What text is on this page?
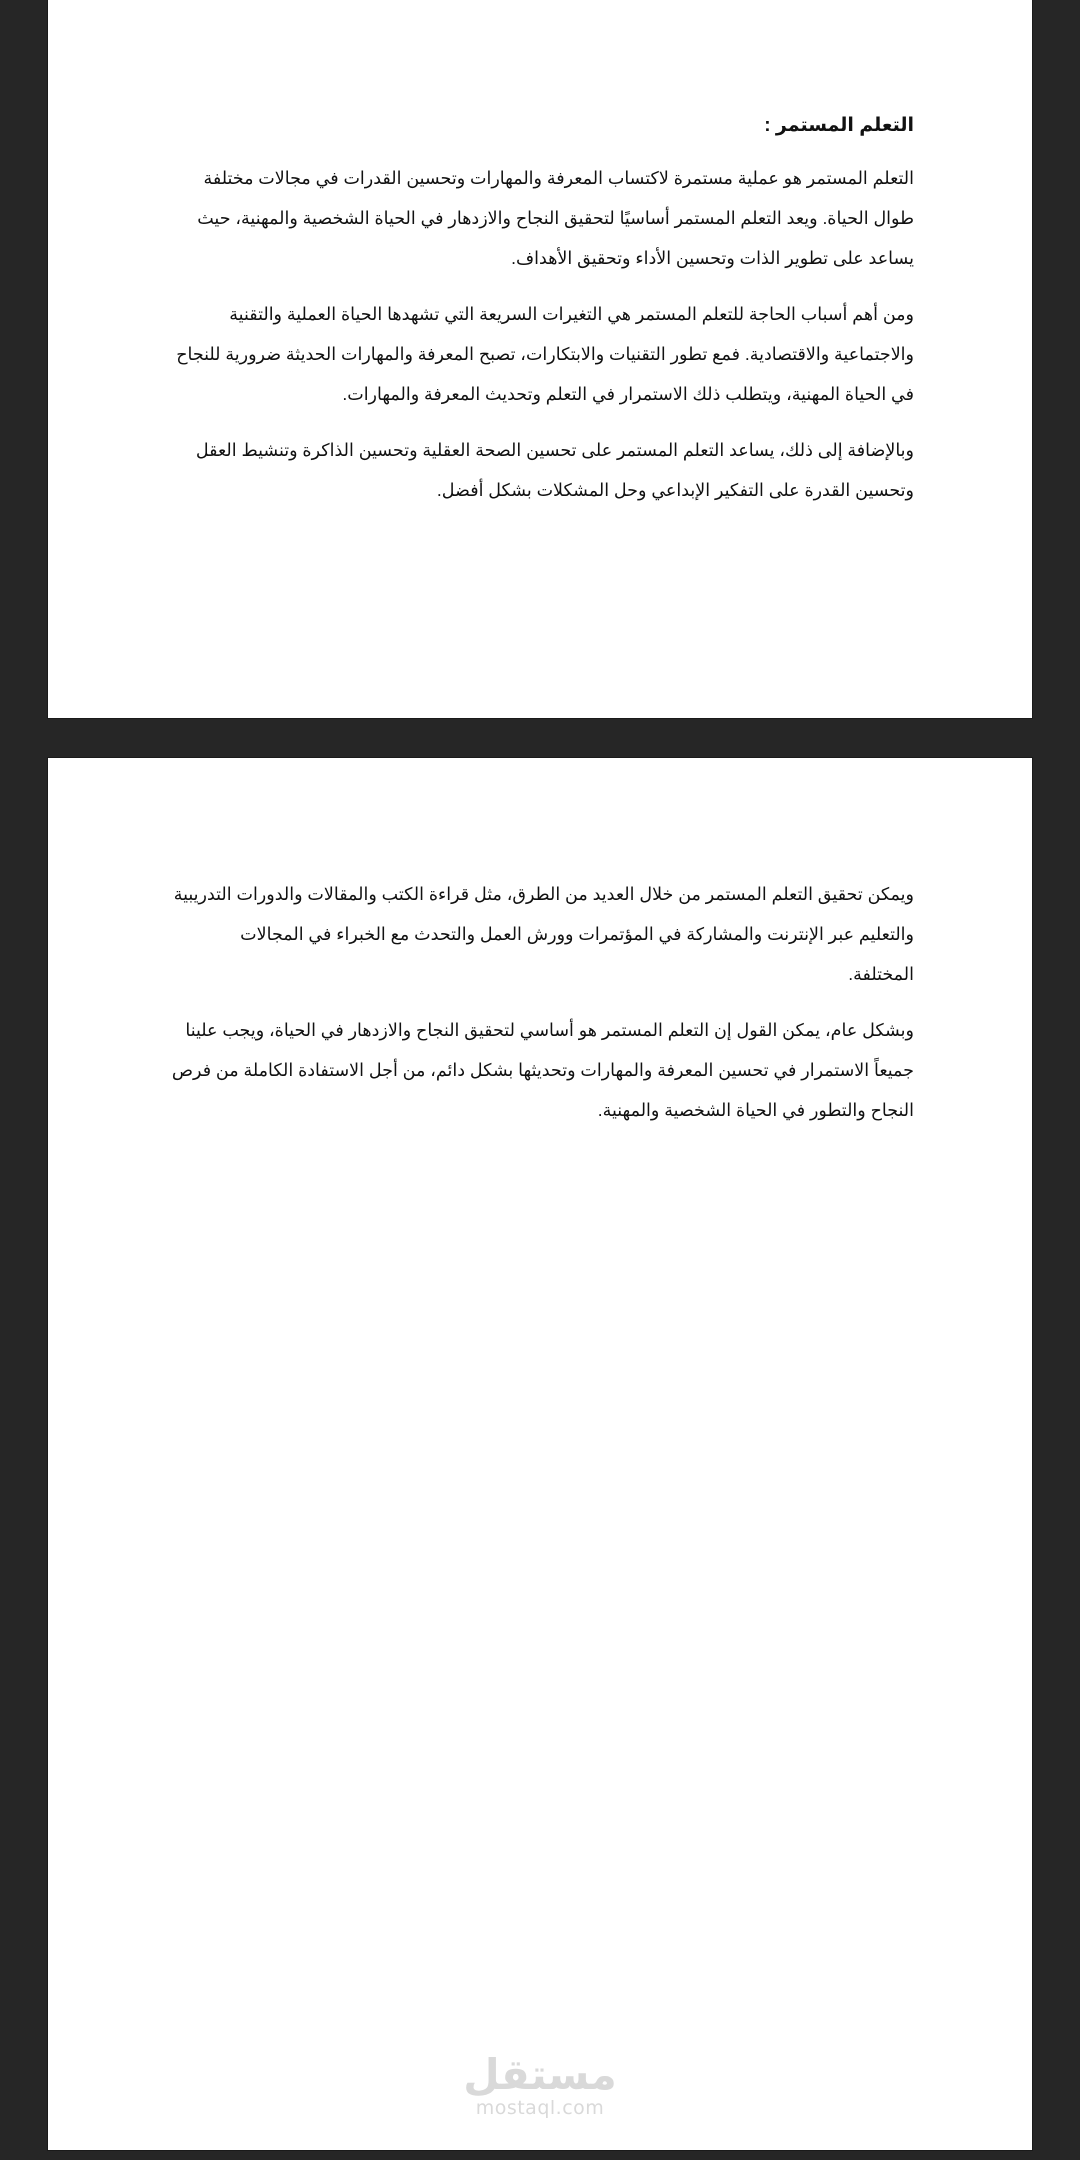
التعلم المستمر :

التعلم المستمر هو عملية مستمرة لاكتساب المعرفة والمهارات وتحسين القدرات في مجالات مختلفة طوال الحياة. ويعد التعلم المستمر أساسيًا لتحقيق النجاح والازدهار في الحياة الشخصية والمهنية، حيث يساعد على تطوير الذات وتحسين الأداء وتحقيق الأهداف.

ومن أهم أسباب الحاجة للتعلم المستمر هي التغيرات السريعة التي تشهدها الحياة العملية والتقنية والاجتماعية والاقتصادية. فمع تطور التقنيات والابتكارات، تصبح المعرفة والمهارات الحديثة ضرورية للنجاح في الحياة المهنية، ويتطلب ذلك الاستمرار في التعلم وتحديث المعرفة والمهارات.

وبالإضافة إلى ذلك، يساعد التعلم المستمر على تحسين الصحة العقلية وتحسين الذاكرة وتنشيط العقل وتحسين القدرة على التفكير الإبداعي وحل المشكلات بشكل أفضل.

ويمكن تحقيق التعلم المستمر من خلال العديد من الطرق، مثل قراءة الكتب والمقالات والدورات التدريبية والتعليم عبر الإنترنت والمشاركة في المؤتمرات وورش العمل والتحدث مع الخبراء في المجالات المختلفة.

وبشكل عام، يمكن القول إن التعلم المستمر هو أساسي لتحقيق النجاح والازدهار في الحياة، ويجب علينا جميعاً الاستمرار في تحسين المعرفة والمهارات وتحديثها بشكل دائم، من أجل الاستفادة الكاملة من فرص النجاح والتطور في الحياة الشخصية والمهنية.

مستقل
mostaql.com
